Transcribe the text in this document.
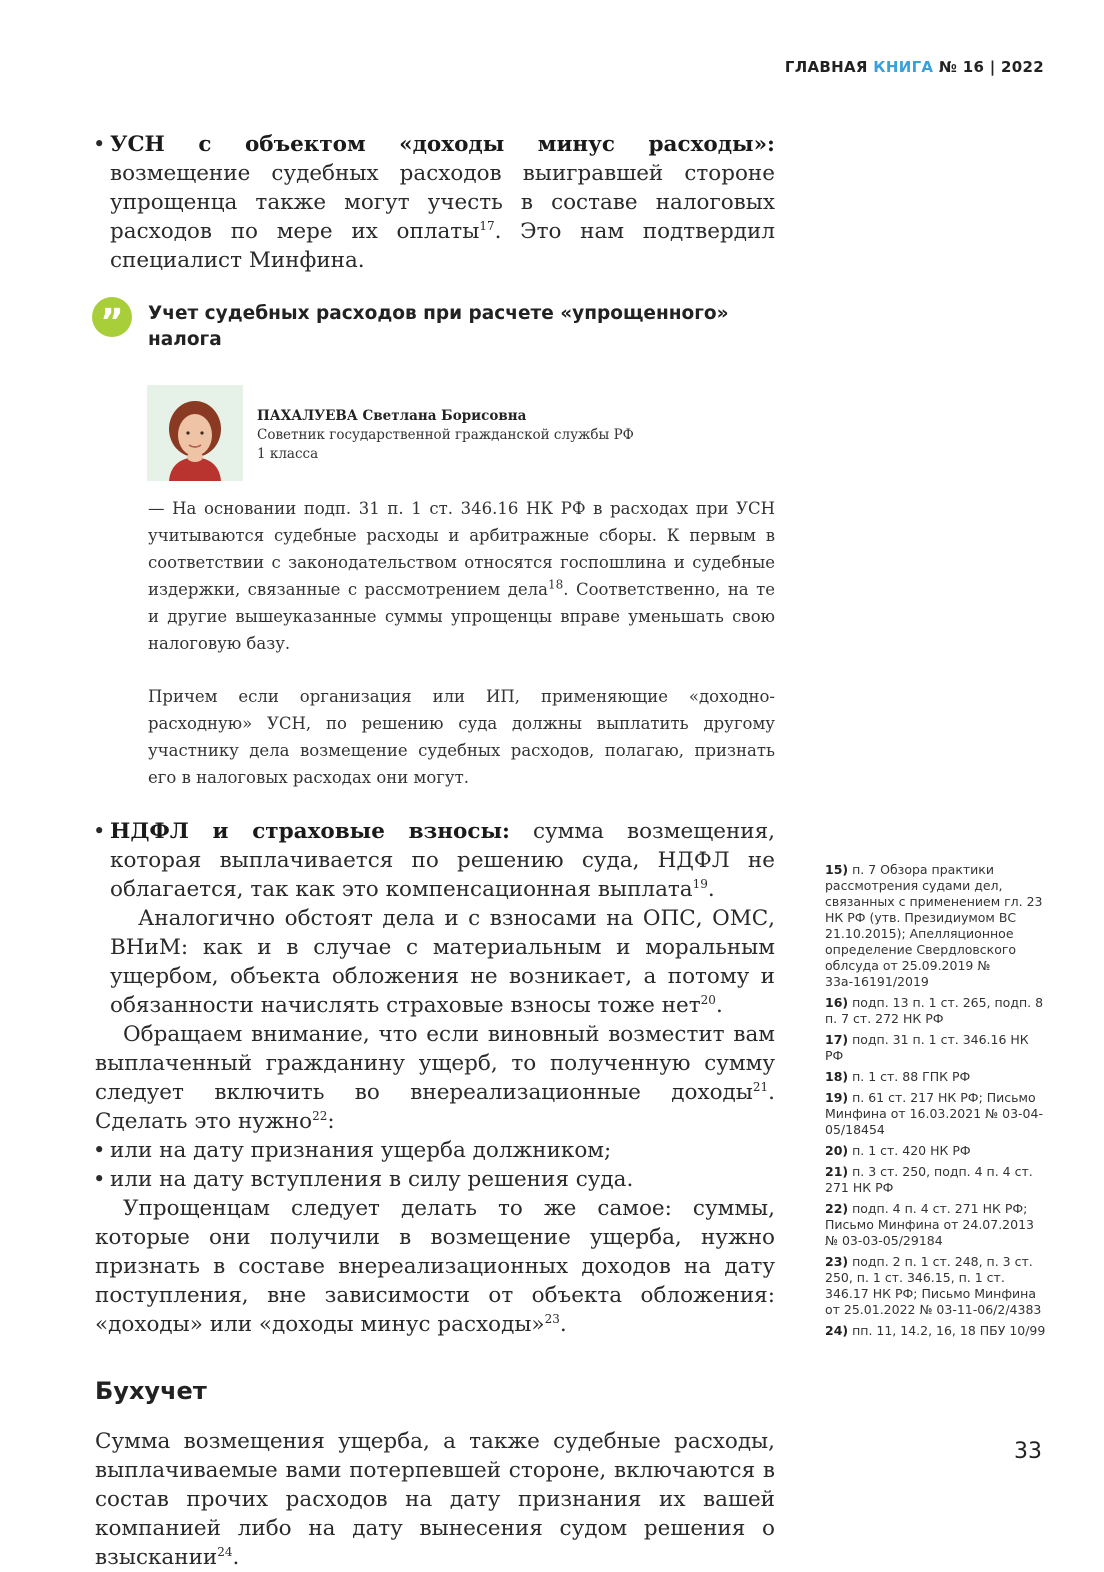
ГЛАВНАЯ КНИГА № 16 | 2022

• УСН с объектом «доходы минус расходы»: возмещение судебных расходов выигравшей стороне упрощенца также могут учесть в составе налоговых расходов по мере их оплаты$^{17}$. Это нам подтвердил специалист Минфина.

”	Учет судебных расходов при расчете «упрощенного» налога
ПАХАЛУЕВА Светлана Борисовна
Советник государственной гражданской службы РФ
1 класса

— На основании подп. 31 п. 1 ст. 346.16 НК РФ в расходах при УСН учитываются судебные расходы и арбитражные сборы. К первым в соответствии с законодательством относятся госпошлина и судебные издержки, связанные с рассмотрением дела$^{18}$. Соответственно, на те и другие вышеуказанные суммы упрощенцы вправе уменьшать свою налоговую базу.

Причем если организация или ИП, применяющие «доходно-расходную» УСН, по решению суда должны выплатить другому участнику дела возмещение судебных расходов, полагаю, признать его в налоговых расходах они могут.

• НДФЛ и страховые взносы: сумма возмещения, которая выплачивается по решению суда, НДФЛ не облагается, так как это компенсационная выплата$^{19}$.

Аналогично обстоят дела и с взносами на ОПС, ОМС, ВНиМ: как и в случае с материальным и моральным ущербом, объекта обложения не возникает, а потому и обязанности начислять страховые взносы тоже нет$^{20}$.

Обращаем внимание, что если виновный возместит вам выплаченный гражданину ущерб, то полученную сумму следует включить во внереализационные доходы$^{21}$. Сделать это нужно$^{22}$:

• или на дату признания ущерба должником;

• или на дату вступления в силу решения суда.

Упрощенцам следует делать то же самое: суммы, которые они получили в возмещение ущерба, нужно признать в составе внереализационных доходов на дату поступления, вне зависимости от объекта обложения: «доходы» или «доходы минус расходы»$^{23}$.

Бухучет

Сумма возмещения ущерба, а также судебные расходы, выплачиваемые вами потерпевшей стороне, включаются в состав прочих расходов на дату признания их вашей компанией либо на дату вынесения судом решения о взыскании$^{24}$.

15) п. 7 Обзора практики рассмотрения судами дел, связанных с применением гл. 23 НК РФ (утв. Президиумом ВС 21.10.2015); Апелляционное определение Свердловского облсуда от 25.09.2019 № 33а-16191/2019
16) подп. 13 п. 1 ст. 265, подп. 8 п. 7 ст. 272 НК РФ
17) подп. 31 п. 1 ст. 346.16 НК РФ
18) п. 1 ст. 88 ГПК РФ
19) п. 61 ст. 217 НК РФ; Письмо Минфина от 16.03.2021 № 03-04-05/18454
20) п. 1 ст. 420 НК РФ
21) п. 3 ст. 250, подп. 4 п. 4 ст. 271 НК РФ
22) подп. 4 п. 4 ст. 271 НК РФ; Письмо Минфина от 24.07.2013 № 03-03-05/29184
23) подп. 2 п. 1 ст. 248, п. 3 ст. 250, п. 1 ст. 346.15, п. 1 ст. 346.17 НК РФ; Письмо Минфина от 25.01.2022 № 03-11-06/2/4383
24) пп. 11, 14.2, 16, 18 ПБУ 10/99
33
